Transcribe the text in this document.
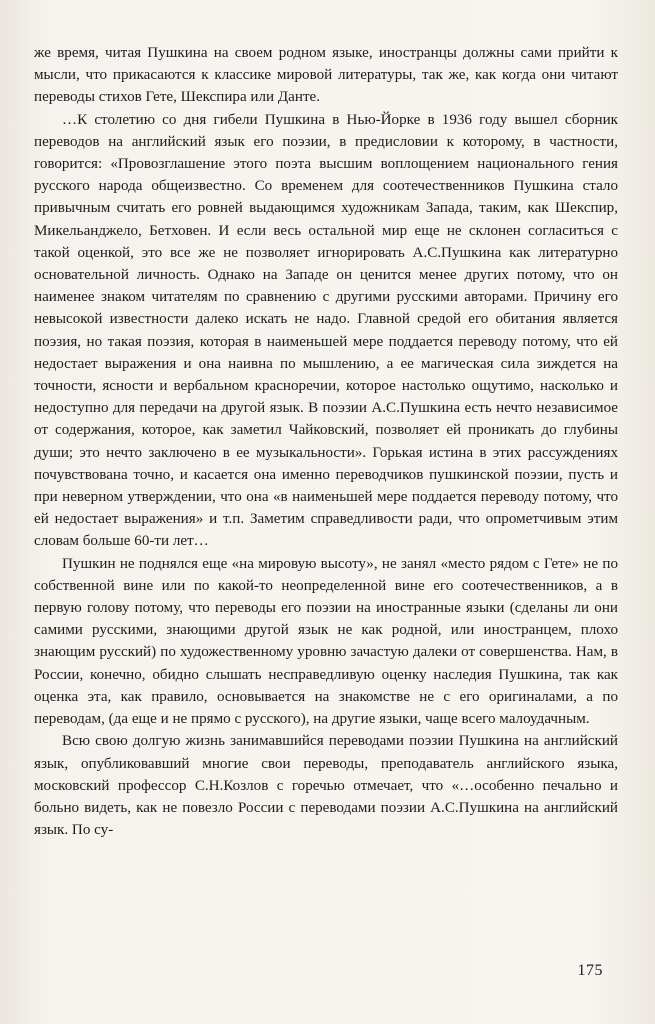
же время, читая Пушкина на своем родном языке, иностранцы должны сами прийти к мысли, что прикасаются к классике мировой литературы, так же, как когда они читают переводы стихов Гете, Шекспира или Данте.

…К столетию со дня гибели Пушкина в Нью-Йорке в 1936 году вышел сборник переводов на английский язык его поэзии, в предисловии к которому, в частности, говорится: «Провозглашение этого поэта высшим воплощением национального гения русского народа общеизвестно. Со временем для соотечественников Пушкина стало привычным считать его ровней выдающимся художникам Запада, таким, как Шекспир, Микельанджело, Бетховен. И если весь остальной мир еще не склонен согласиться с такой оценкой, это все же не позволяет игнорировать А.С.Пушкина как литературно основательной личность. Однако на Западе он ценится менее других потому, что он наименее знаком читателям по сравнению с другими русскими авторами. Причину его невысокой известности далеко искать не надо. Главной средой его обитания является поэзия, но такая поэзия, которая в наименьшей мере поддается переводу потому, что ей недостает выражения и она наивна по мышлению, а ее магическая сила зиждется на точности, ясности и вербальном красноречии, которое настолько ощутимо, насколько и недоступно для передачи на другой язык. В поэзии А.С.Пушкина есть нечто независимое от содержания, которое, как заметил Чайковский, позволяет ей проникать до глубины души; это нечто заключено в ее музыкальности». Горькая истина в этих рассуждениях почувствована точно, и касается она именно переводчиков пушкинской поэзии, пусть и при неверном утверждении, что она «в наименьшей мере поддается переводу потому, что ей недостает выражения» и т.п. Заметим справедливости ради, что опрометчивым этим словам больше 60-ти лет…

Пушкин не поднялся еще «на мировую высоту», не занял «место рядом с Гете» не по собственной вине или по какой-то неопределенной вине его соотечественников, а в первую голову потому, что переводы его поэзии на иностранные языки (сделаны ли они самими русскими, знающими другой язык не как родной, или иностранцем, плохо знающим русский) по художественному уровню зачастую далеки от совершенства. Нам, в России, конечно, обидно слышать несправедливую оценку наследия Пушкина, так как оценка эта, как правило, основывается на знакомстве не с его оригиналами, а по переводам, (да еще и не прямо с русского), на другие языки, чаще всего малоудачным.

Всю свою долгую жизнь занимавшийся переводами поэзии Пушкина на английский язык, опубликовавший многие свои переводы, преподаватель английского языка, московский профессор С.Н.Козлов с горечью отмечает, что «…особенно печально и больно видеть, как не повезло России с переводами поэзии А.С.Пушкина на английский язык. По су-

175
